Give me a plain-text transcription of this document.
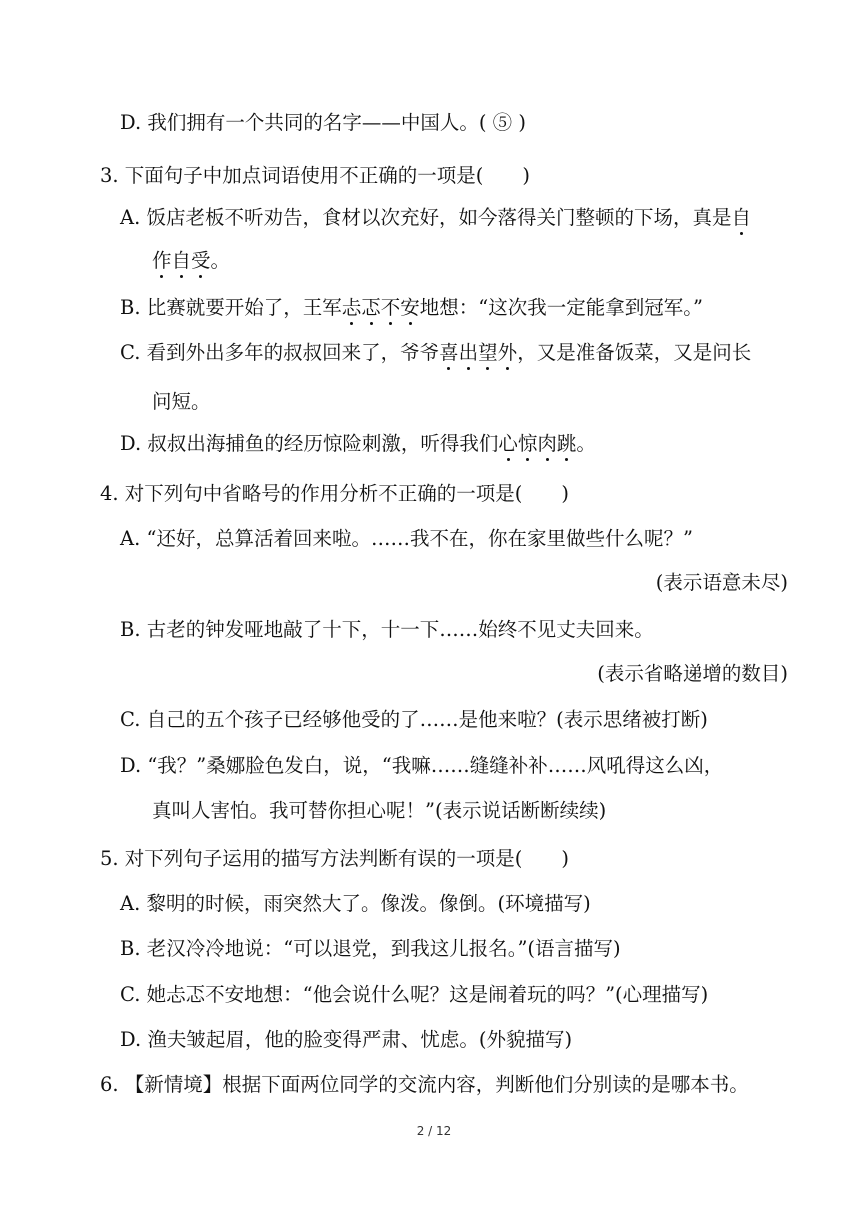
D. 我们拥有一个共同的名字——中国人。( ⑤ )
3. 下面句子中加点词语使用不正确的一项是(　　)
A. 饭店老板不听劝告，食材以次充好，如今落得关门整顿的下场，真是自
作自受。
B. 比赛就要开始了，王军忐忑不安地想：“这次我一定能拿到冠军。”
C. 看到外出多年的叔叔回来了，爷爷喜出望外，又是准备饭菜，又是问长
问短。
D. 叔叔出海捕鱼的经历惊险刺激，听得我们心惊肉跳。
4. 对下列句中省略号的作用分析不正确的一项是(　　)
A. “还好，总算活着回来啦。……我不在，你在家里做些什么呢？”
(表示语意未尽)
B. 古老的钟发哑地敲了十下，十一下……始终不见丈夫回来。
(表示省略递增的数目)
C. 自己的五个孩子已经够他受的了……是他来啦？(表示思绪被打断)
D. “我？”桑娜脸色发白，说，“我嘛……缝缝补补……风吼得这么凶，
真叫人害怕。我可替你担心呢！”(表示说话断断续续)
5. 对下列句子运用的描写方法判断有误的一项是(　　)
A. 黎明的时候，雨突然大了。像泼。像倒。(环境描写)
B. 老汉冷冷地说：“可以退党，到我这儿报名。”(语言描写)
C. 她忐忑不安地想：“他会说什么呢？这是闹着玩的吗？”(心理描写)
D. 渔夫皱起眉，他的脸变得严肃、忧虑。(外貌描写)
6. 【新情境】根据下面两位同学的交流内容，判断他们分别读的是哪本书。
2 / 12
